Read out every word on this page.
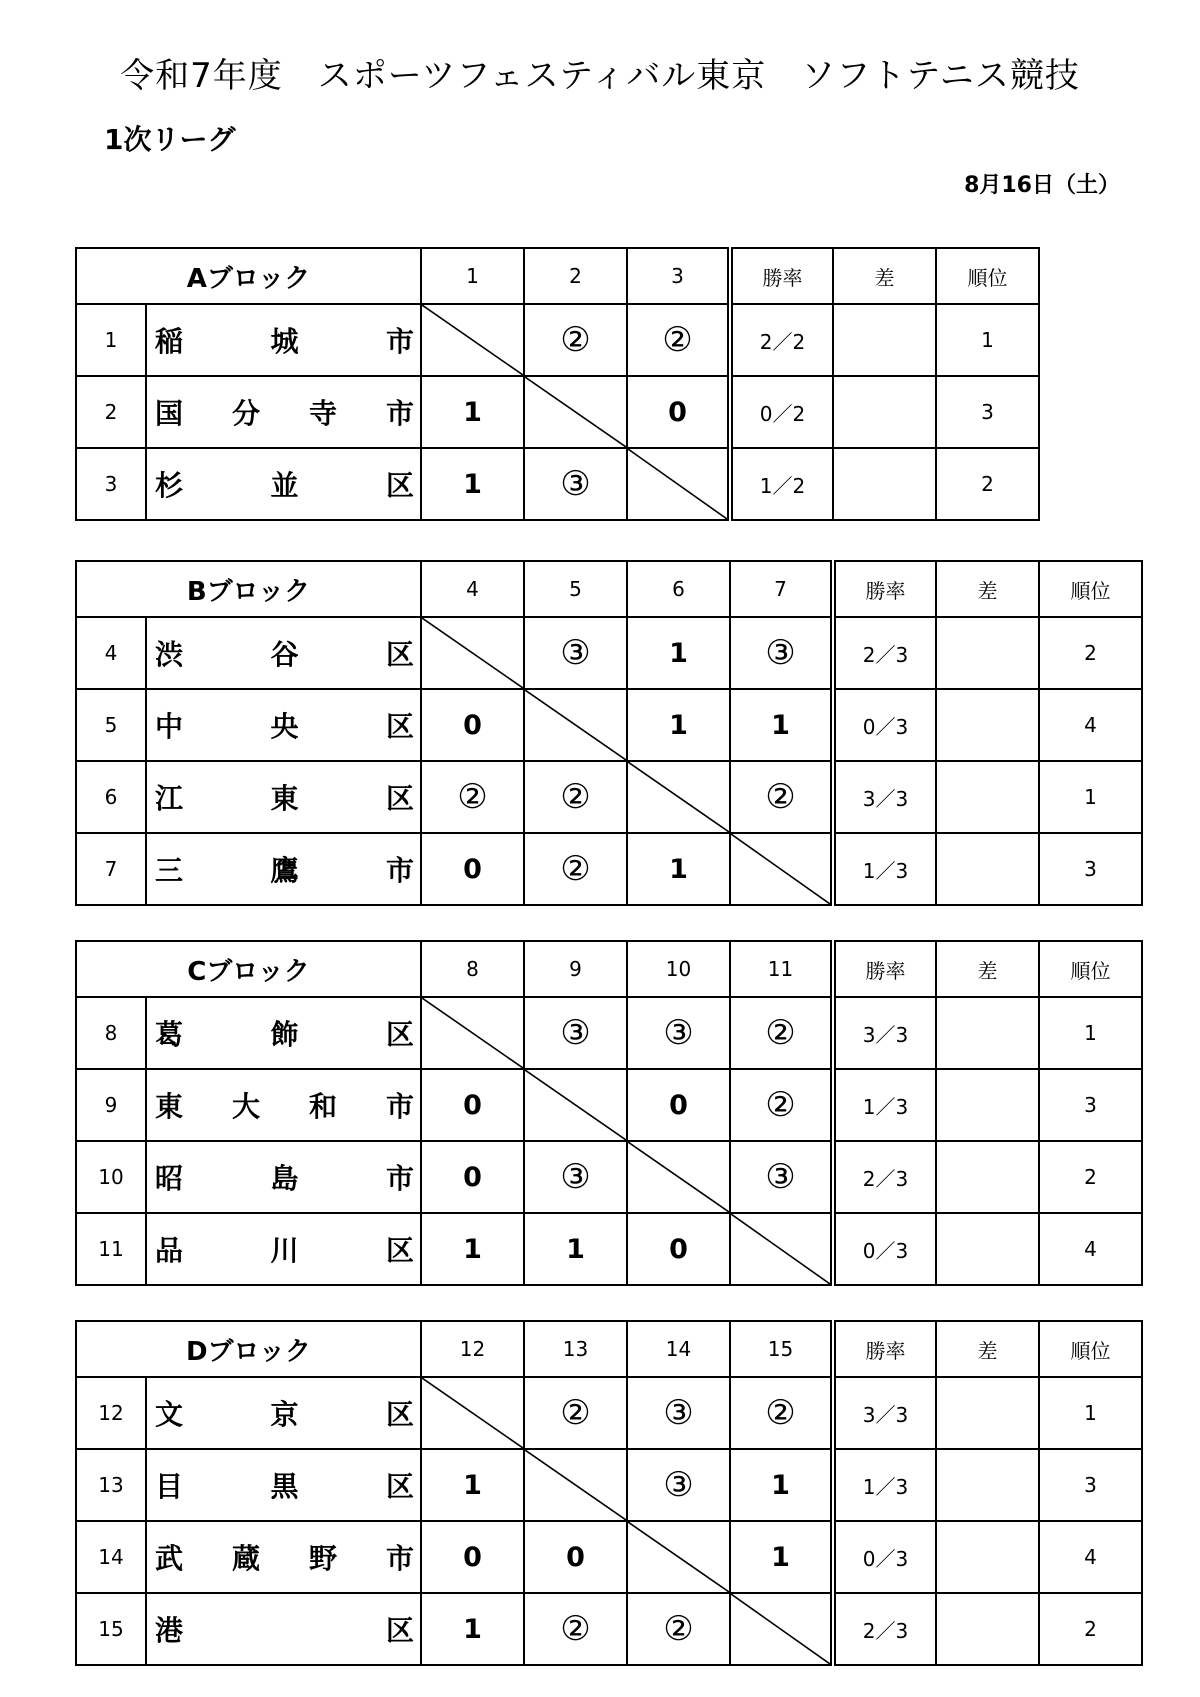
令和7年度　スポーツフェスティバル東京　ソフトテニス競技
1次リーグ
8月16日（土）
Aブロック		1	2	3	勝率	差	順位
1	稲 城 市		②	②	2／2		1
2	国 分 寺 市	1		0	0／2		3
3	杉 並 区	1	③		1／2		2
Bブロック		4	5	6	7	勝率	差	順位
4	渋 谷 区		③	1	③	2／3		2
5	中 央 区	0		1	1	0／3		4
6	江 東 区	②	②		②	3／3		1
7	三 鷹 市	0	②	1		1／3		3
Cブロック		8	9	10	11	勝率	差	順位
8	葛 飾 区		③	③	②	3／3		1
9	東 大 和 市	0		0	②	1／3		3
10	昭 島 市	0	③		③	2／3		2
11	品 川 区	1	1	0		0／3		4
Dブロック		12	13	14	15	勝率	差	順位
12	文 京 区		②	③	②	3／3		1
13	目 黒 区	1		③	1	1／3		3
14	武 蔵 野 市	0	0		1	0／3		4
15	港 区	1	②	②		2／3		2
